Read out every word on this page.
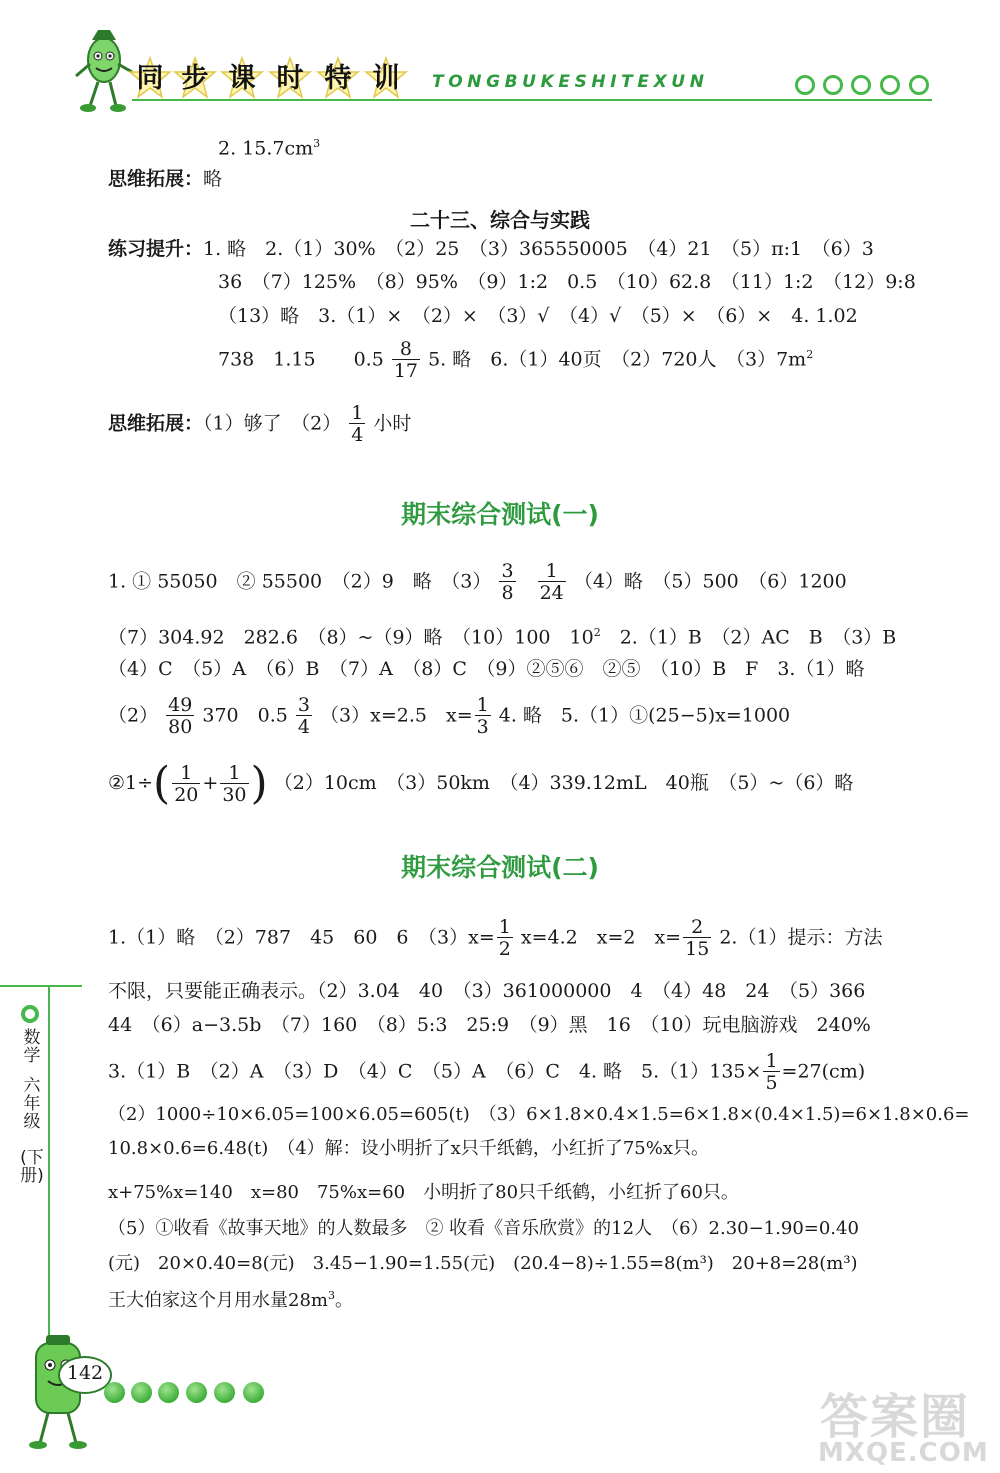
同 步 课 时 特 训 TONGBUKESHITEXUN
2. $15.7cm^3$
思维拓展：略
二十三、综合与实践
练习提升：1. 略　2.（1）30%　（2）25　（3）365550005　（4）21　（5）π:1　（6）3
36　（7）125%　（8）95%　（9）1:2　0.5　（10）62.8　（11）1:2　（12）9:8
（13）略　3.（1）×　（2）×　（3）√　（4）√　（5）×　（6）×　4. 1.02
738　1.15　　$0.5 \frac{8}{17} 5$. 略　6.（1）40页　（2）720人　$(3)7m^2$
思维拓展：（1）够了　$(2) \frac{1}{4}$ 小时
期末综合测试(一)
1. ① 55050　② 55500　（2）9　略　$(3) \frac{3}{8}$
$\frac{1}{24} (4)$略　（5）500　（6）1200
（7）304.92　282.6　（8）~（9）略　（10）100　$10^2$　 2.（1）B　（2）AC　B　（3）B
（4）C　（5）A　（6）B　（7）A　（8）C　（9）②⑤⑥　②⑤　（10）B　F　3.（1）略
$(2) \frac{49}{80} 370$　$0.5 \frac{3}{4} (3)x=2.5$　$x= \frac{1}{3} 4$. 略　5.（1）①(25−5)x=1000
②1÷( $\frac{1}{20} + \frac{1}{30}$ ) （2）10cm　（3）50km　（4）339.12mL　40瓶　（5）~（6）略
期末综合测试(二)
1.（1）略　（2）787　45　60　6　$(3)x= \frac{1}{2} x=4.2$　x=2　$x= \frac{2}{15} 2.(1)$提示：方法
不限，只要能正确表示。（2）3.04　40　（3）361000000　4　（4）48　24　（5）366
44　（6）a−3.5b　（7）160　（8）5:3　25:9　（9）黑　16　（10）玩电脑游戏　240%
3.（1）B　（2）A　（3）D　（4）C　（5）A　（6）C　4. 略　$5.(1)135\times \frac{1}{5} =27(cm)$
（2）1000÷10×6.05=100×6.05=605(t)　（3）6×1.8×0.4×1.5=6×1.8×(0.4×1.5)=6×1.8×0.6=
10.8×0.6=6.48(t)　（4）解：设小明折了x只千纸鹤，小红折了75%x只。
x+75%x=140　x=80　75%x=60　小明折了80只千纸鹤，小红折了60只。
（5）①收看《故事天地》的人数最多　② 收看《音乐欣赏》的12人　（6）2.30−1.90=0.40
(元)　20×0.40=8(元)　3.45−1.90=1.55(元)　(20.4−8)÷1.55=8(m³)　20+8=28(m³)
王大伯家这个月用水量$28m^3$。
数学
六年级
(下册)
142
答案圈
MXQE.COM
